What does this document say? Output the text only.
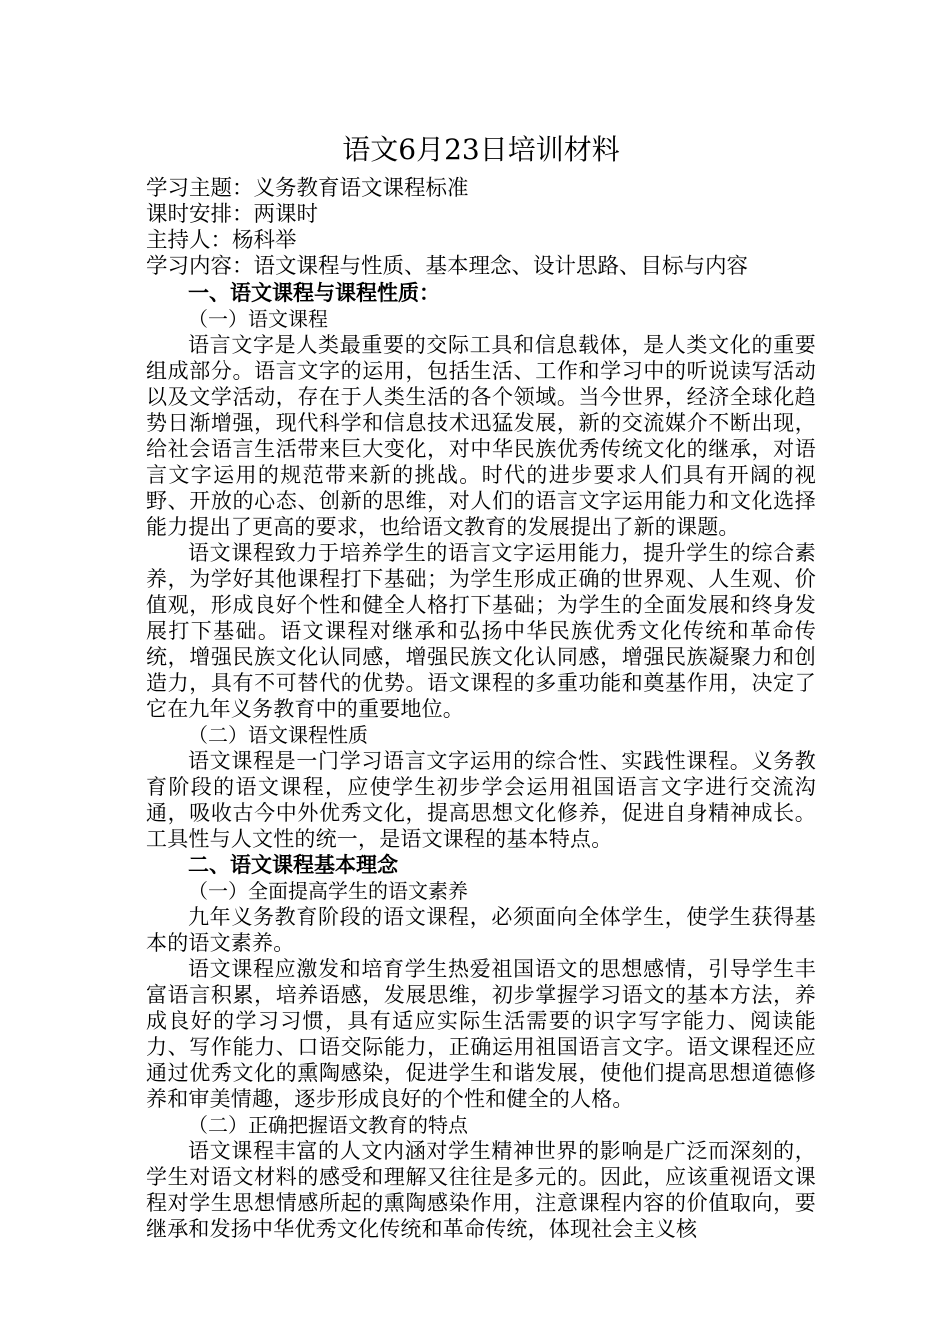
语文6月23日培训材料

学习主题：义务教育语文课程标准

课时安排：两课时

主持人：杨科举

学习内容：语文课程与性质、基本理念、设计思路、目标与内容

一、语文课程与课程性质：

（一）语文课程

语言文字是人类最重要的交际工具和信息载体，是人类文化的重要组成部分。语言文字的运用，包括生活、工作和学习中的听说读写活动以及文学活动，存在于人类生活的各个领域。当今世界，经济全球化趋势日渐增强，现代科学和信息技术迅猛发展，新的交流媒介不断出现，给社会语言生活带来巨大变化，对中华民族优秀传统文化的继承，对语言文字运用的规范带来新的挑战。时代的进步要求人们具有开阔的视野、开放的心态、创新的思维，对人们的语言文字运用能力和文化选择能力提出了更高的要求，也给语文教育的发展提出了新的课题。

语文课程致力于培养学生的语言文字运用能力，提升学生的综合素养，为学好其他课程打下基础；为学生形成正确的世界观、人生观、价值观，形成良好个性和健全人格打下基础；为学生的全面发展和终身发展打下基础。语文课程对继承和弘扬中华民族优秀文化传统和革命传统，增强民族文化认同感，增强民族文化认同感，增强民族凝聚力和创造力，具有不可替代的优势。语文课程的多重功能和奠基作用，决定了它在九年义务教育中的重要地位。

（二）语文课程性质

语文课程是一门学习语言文字运用的综合性、实践性课程。义务教育阶段的语文课程，应使学生初步学会运用祖国语言文字进行交流沟通，吸收古今中外优秀文化，提高思想文化修养，促进自身精神成长。工具性与人文性的统一，是语文课程的基本特点。

二、语文课程基本理念

（一）全面提高学生的语文素养

九年义务教育阶段的语文课程，必须面向全体学生，使学生获得基本的语文素养。

语文课程应激发和培育学生热爱祖国语文的思想感情，引导学生丰富语言积累，培养语感，发展思维，初步掌握学习语文的基本方法，养成良好的学习习惯，具有适应实际生活需要的识字写字能力、阅读能力、写作能力、口语交际能力，正确运用祖国语言文字。语文课程还应通过优秀文化的熏陶感染，促进学生和谐发展，使他们提高思想道德修养和审美情趣，逐步形成良好的个性和健全的人格。

（二）正确把握语文教育的特点

语文课程丰富的人文内涵对学生精神世界的影响是广泛而深刻的，学生对语文材料的感受和理解又往往是多元的。因此，应该重视语文课程对学生思想情感所起的熏陶感染作用，注意课程内容的价值取向，要继承和发扬中华优秀文化传统和革命传统，体现社会主义核
